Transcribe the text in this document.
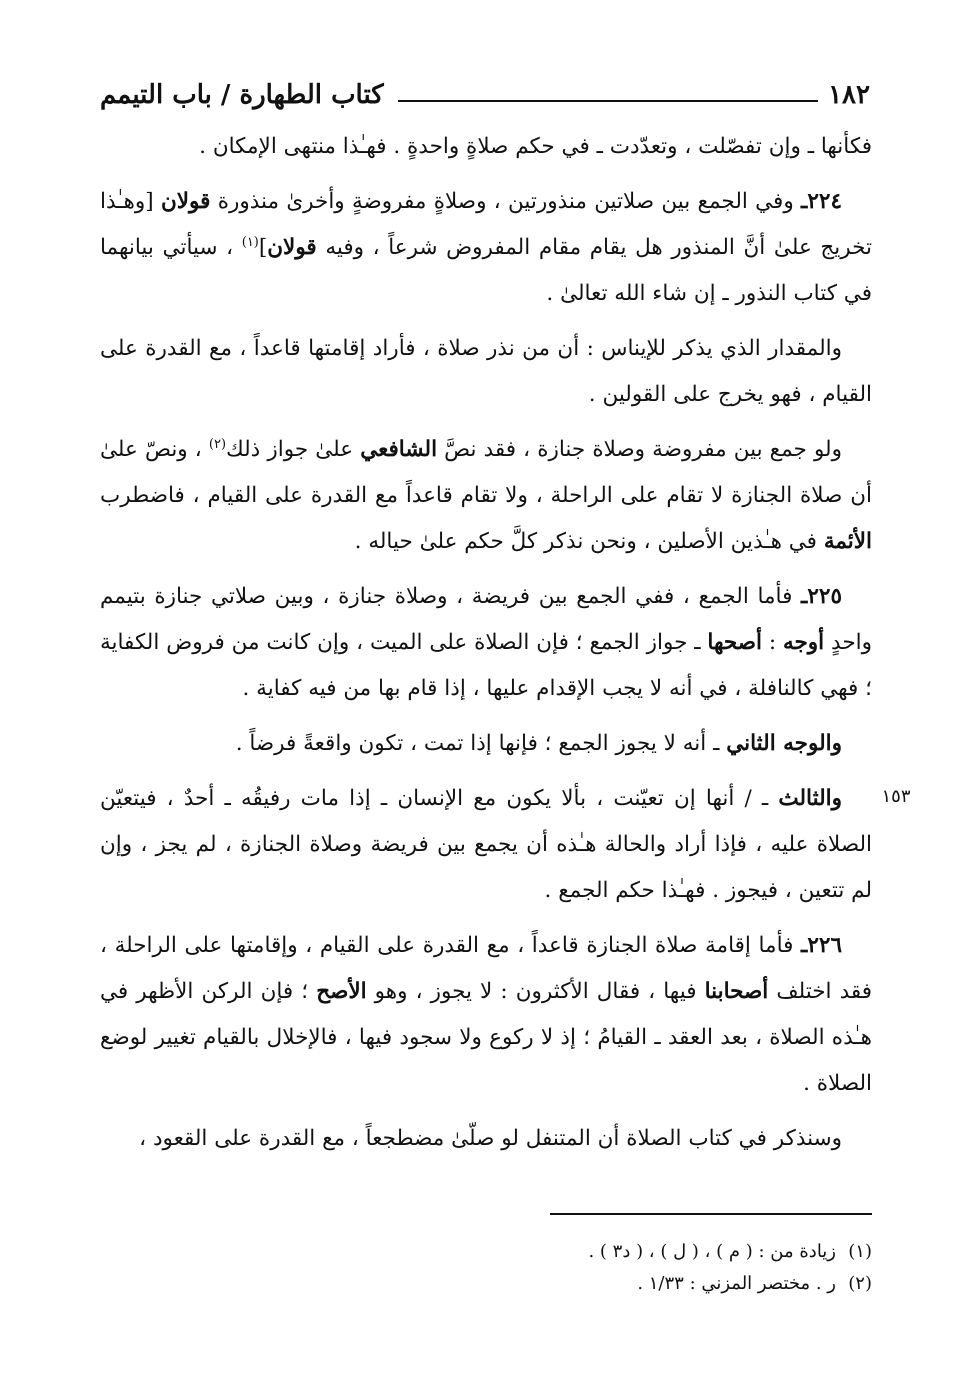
١٨٢
كتاب الطهارة / باب التيمم

فكأنها ـ وإن تفصّلت ، وتعدّدت ـ في حكم صلاةٍ واحدةٍ . فهـٰذا منتهى الإمكان .

٢٢٤ـ وفي الجمع بين صلاتين منذورتين ، وصلاةٍ مفروضةٍ وأخرىٰ منذورة قولان [وهـٰذا تخريج علىٰ أنَّ المنذور هل يقام مقام المفروض شرعاً ، وفيه قولان]$^{(١)}$ ، سيأتي بيانهما في كتاب النذور ـ إن شاء الله تعالىٰ .

والمقدار الذي يذكر للإيناس : أن من نذر صلاة ، فأراد إقامتها قاعداً ، مع القدرة على القيام ، فهو يخرج على القولين .

ولو جمع بين مفروضة وصلاة جنازة ، فقد نصَّ الشافعي علىٰ جواز ذلك$^{(٢)}$ ، ونصّ علىٰ أن صلاة الجنازة لا تقام على الراحلة ، ولا تقام قاعداً مع القدرة على القيام ، فاضطرب الأئمة في هـٰذين الأصلين ، ونحن نذكر كلَّ حكم علىٰ حياله .

٢٢٥ـ فأما الجمع ، ففي الجمع بين فريضة ، وصلاة جنازة ، وبين صلاتي جنازة بتيمم واحدٍ أوجه : أصحها ـ جواز الجمع ؛ فإن الصلاة على الميت ، وإن كانت من فروض الكفاية ؛ فهي كالنافلة ، في أنه لا يجب الإقدام عليها ، إذا قام بها من فيه كفاية .

والوجه الثاني ـ أنه لا يجوز الجمع ؛ فإنها إذا تمت ، تكون واقعةً فرضاً .

والثالث ـ / أنها إن تعيّنت ، بألا يكون مع الإنسان ـ إذا مات رفيقُه ـ أحدٌ ، فيتعيّن الصلاة عليه ، فإذا أراد والحالة هـٰذه أن يجمع بين فريضة وصلاة الجنازة ، لم يجز ، وإن لم تتعين ، فيجوز . فهـٰذا حكم الجمع .

٢٢٦ـ فأما إقامة صلاة الجنازة قاعداً ، مع القدرة على القيام ، وإقامتها على الراحلة ، فقد اختلف أصحابنا فيها ، فقال الأكثرون : لا يجوز ، وهو الأصح ؛ فإن الركن الأظهر في هـٰذه الصلاة ، بعد العقد ـ القيامُ ؛ إذ لا ركوع ولا سجود فيها ، فالإخلال بالقيام تغيير لوضع الصلاة .

وسنذكر في كتاب الصلاة أن المتنفل لو صلّىٰ مضطجعاً ، مع القدرة على القعود ،

١٥٣
(١)
زيادة من : ( م ) ، ( ل ) ، ( د٣ ) .
(٢)
ر . مختصر المزني : ١/٣٣ .
